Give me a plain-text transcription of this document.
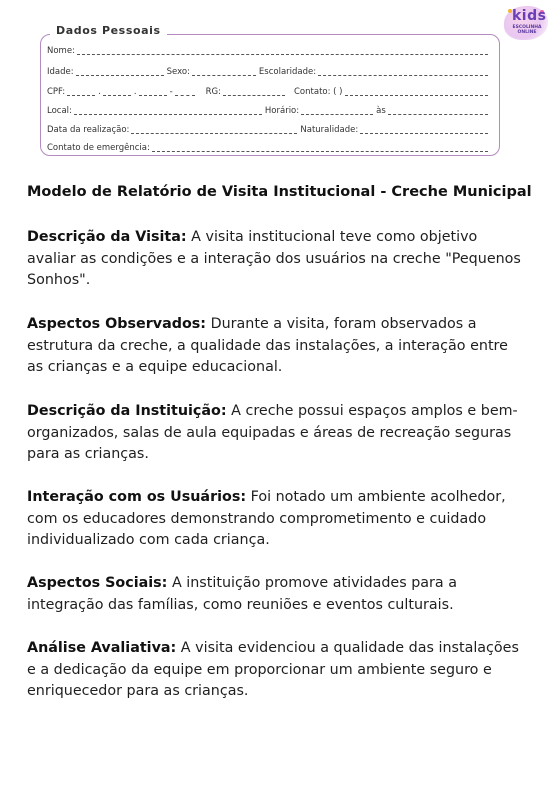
kids
ESCOLINHA
ONLINE
Nome:
Idade:	Sexo:	Escolaridade:
CPF:	.	.	-	RG:	Contato: ( )
Local:	Horário:	às
Data da realização:	Naturalidade:
Contato de emergência:
Dados Pessoais
Modelo de Relatório de Visita Institucional - Creche Municipal
Descrição da Visita: A visita institucional teve como objetivo avaliar as condições e a interação dos usuários na creche "Pequenos Sonhos".
Aspectos Observados: Durante a visita, foram observados a estrutura da creche, a qualidade das instalações, a interação entre as crianças e a equipe educacional.
Descrição da Instituição: A creche possui espaços amplos e bem-organizados, salas de aula equipadas e áreas de recreação seguras para as crianças.
Interação com os Usuários: Foi notado um ambiente acolhedor, com os educadores demonstrando comprometimento e cuidado individualizado com cada criança.
Aspectos Sociais: A instituição promove atividades para a integração das famílias, como reuniões e eventos culturais.
Análise Avaliativa: A visita evidenciou a qualidade das instalações e a dedicação da equipe em proporcionar um ambiente seguro e enriquecedor para as crianças.
